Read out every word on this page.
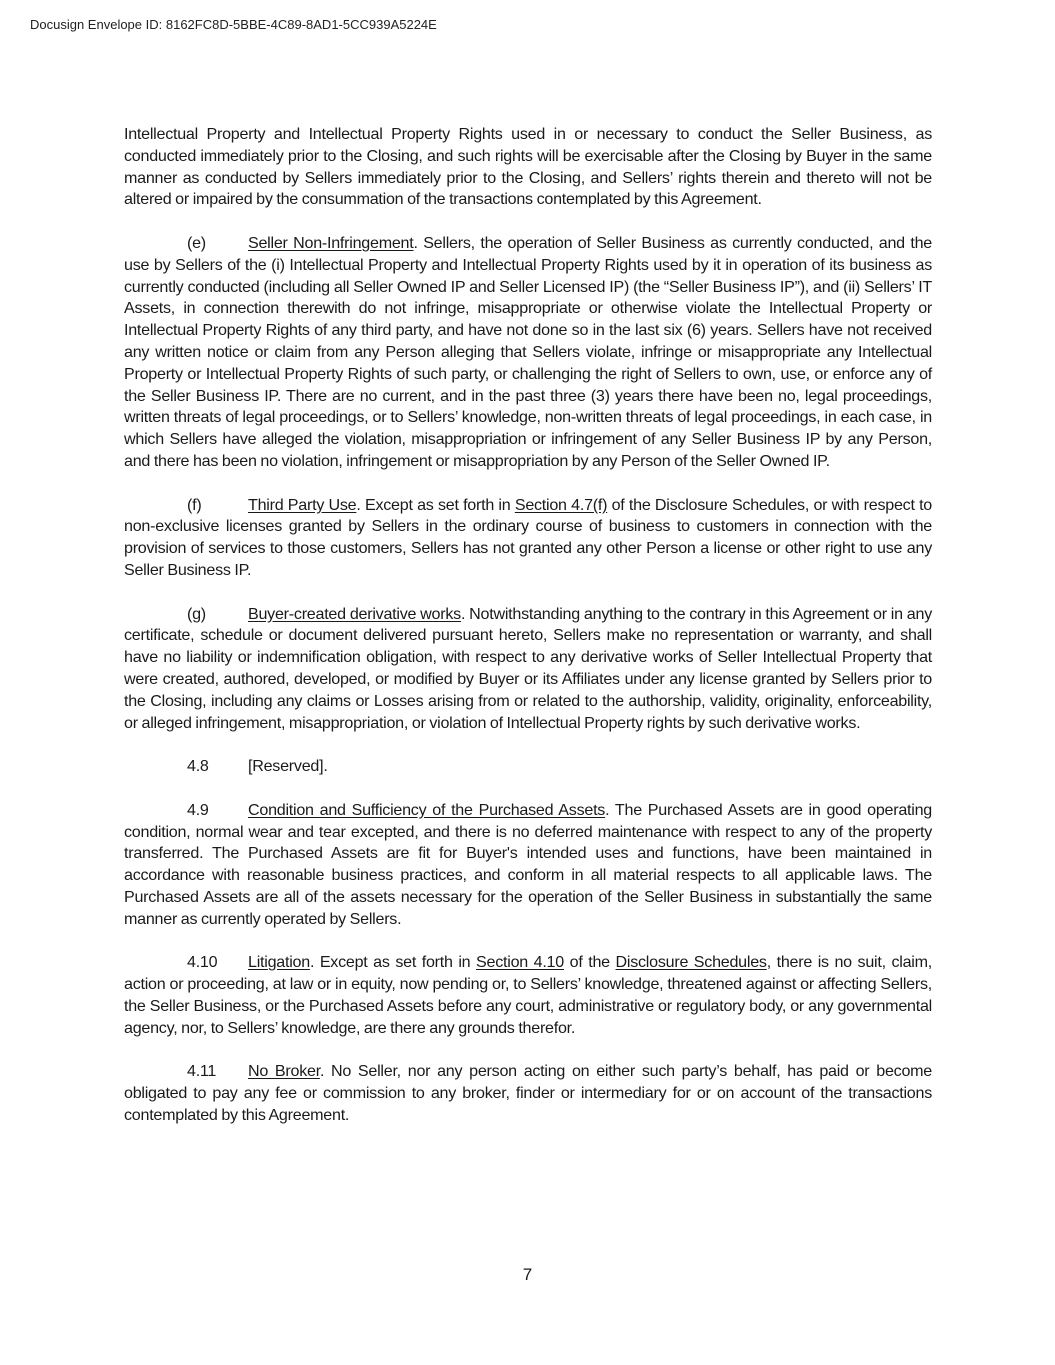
Docusign Envelope ID: 8162FC8D-5BBE-4C89-8AD1-5CC939A5224E

Intellectual Property and Intellectual Property Rights used in or necessary to conduct the Seller Business, as conducted immediately prior to the Closing, and such rights will be exercisable after the Closing by Buyer in the same manner as conducted by Sellers immediately prior to the Closing, and Sellers’ rights therein and thereto will not be altered or impaired by the consummation of the transactions contemplated by this Agreement.

(e)	Seller Non-Infringement. Sellers, the operation of Seller Business as currently conducted, and the use by Sellers of the (i) Intellectual Property and Intellectual Property Rights used by it in operation of its business as currently conducted (including all Seller Owned IP and Seller Licensed IP) (the “Seller Business IP”), and (ii) Sellers’ IT Assets, in connection therewith do not infringe, misappropriate or otherwise violate the Intellectual Property or Intellectual Property Rights of any third party, and have not done so in the last six (6) years. Sellers have not received any written notice or claim from any Person alleging that Sellers violate, infringe or misappropriate any Intellectual Property or Intellectual Property Rights of such party, or challenging the right of Sellers to own, use, or enforce any of the Seller Business IP. There are no current, and in the past three (3) years there have been no, legal proceedings, written threats of legal proceedings, or to Sellers’ knowledge, non-written threats of legal proceedings, in each case, in which Sellers have alleged the violation, misappropriation or infringement of any Seller Business IP by any Person, and there has been no violation, infringement or misappropriation by any Person of the Seller Owned IP.

(f)	Third Party Use. Except as set forth in Section 4.7(f) of the Disclosure Schedules, or with respect to non-exclusive licenses granted by Sellers in the ordinary course of business to customers in connection with the provision of services to those customers, Sellers has not granted any other Person a license or other right to use any Seller Business IP.

(g)	Buyer-created derivative works. Notwithstanding anything to the contrary in this Agreement or in any certificate, schedule or document delivered pursuant hereto, Sellers make no representation or warranty, and shall have no liability or indemnification obligation, with respect to any derivative works of Seller Intellectual Property that were created, authored, developed, or modified by Buyer or its Affiliates under any license granted by Sellers prior to the Closing, including any claims or Losses arising from or related to the authorship, validity, originality, enforceability, or alleged infringement, misappropriation, or violation of Intellectual Property rights by such derivative works.

4.8 [Reserved].

4.9 Condition and Sufficiency of the Purchased Assets. The Purchased Assets are in good operating condition, normal wear and tear excepted, and there is no deferred maintenance with respect to any of the property transferred. The Purchased Assets are fit for Buyer's intended uses and functions, have been maintained in accordance with reasonable business practices, and conform in all material respects to all applicable laws. The Purchased Assets are all of the assets necessary for the operation of the Seller Business in substantially the same manner as currently operated by Sellers.

4.10 Litigation. Except as set forth in Section 4.10 of the Disclosure Schedules, there is no suit, claim, action or proceeding, at law or in equity, now pending or, to Sellers’ knowledge, threatened against or affecting Sellers, the Seller Business, or the Purchased Assets before any court, administrative or regulatory body, or any governmental agency, nor, to Sellers’ knowledge, are there any grounds therefor.

4.11 No Broker. No Seller, nor any person acting on either such party’s behalf, has paid or become obligated to pay any fee or commission to any broker, finder or intermediary for or on account of the transactions contemplated by this Agreement.

7
